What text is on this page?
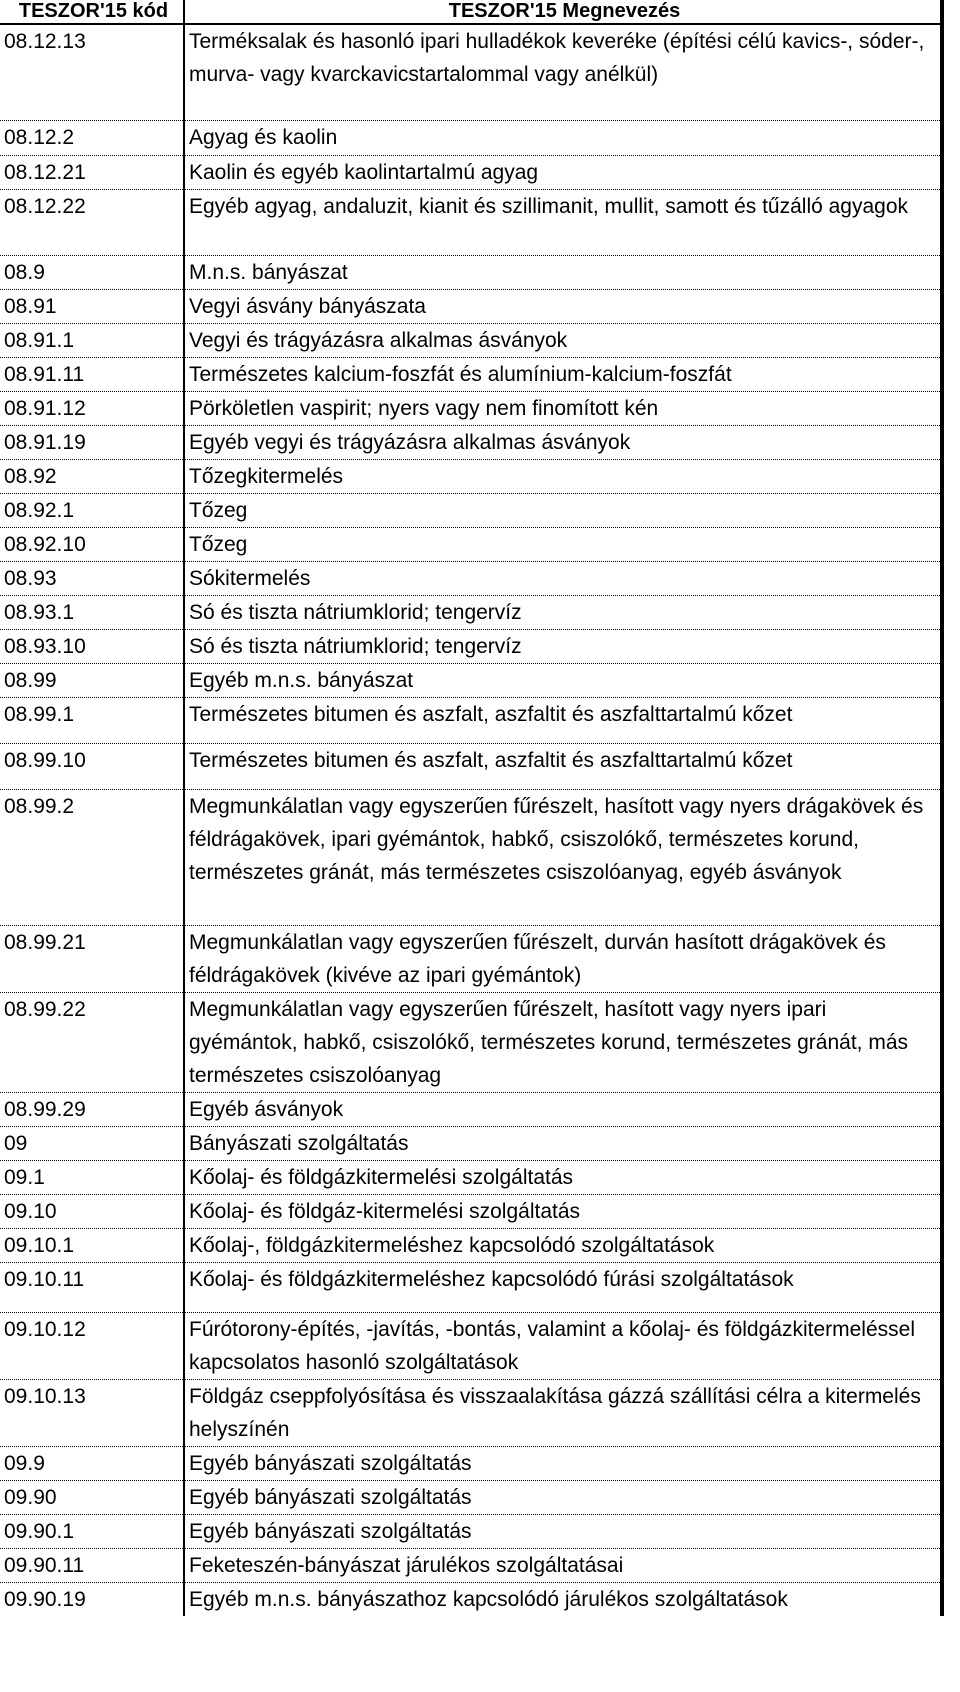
TESZOR'15 kód	TESZOR'15 Megnevezés	
08.12.13	Terméksalak és hasonló ipari hulladékok keveréke (építési célú kavics-, sóder-, murva- vagy kvarckavicstartalommal vagy anélkül)	
08.12.2	Agyag és kaolin	
08.12.21	Kaolin és egyéb kaolintartalmú agyag	
08.12.22	Egyéb agyag, andaluzit, kianit és szillimanit, mullit, samott és tűzálló agyagok	
08.9	M.n.s. bányászat	
08.91	Vegyi ásvány bányászata	
08.91.1	Vegyi és trágyázásra alkalmas ásványok	
08.91.11	Természetes kalcium-foszfát és alumínium-kalcium-foszfát	
08.91.12	Pörköletlen vaspirit; nyers vagy nem finomított kén	
08.91.19	Egyéb vegyi és trágyázásra alkalmas ásványok	
08.92	Tőzegkitermelés	
08.92.1	Tőzeg	
08.92.10	Tőzeg	
08.93	Sókitermelés	
08.93.1	Só és tiszta nátriumklorid; tengervíz	
08.93.10	Só és tiszta nátriumklorid; tengervíz	
08.99	Egyéb m.n.s. bányászat	
08.99.1	Természetes bitumen és aszfalt, aszfaltit és aszfalttartalmú kőzet	
08.99.10	Természetes bitumen és aszfalt, aszfaltit és aszfalttartalmú kőzet	
08.99.2	Megmunkálatlan vagy egyszerűen fűrészelt, hasított vagy nyers drágakövek és féldrágakövek, ipari gyémántok, habkő, csiszolókő, természetes korund, természetes gránát, más természetes csiszolóanyag, egyéb ásványok	
08.99.21	Megmunkálatlan vagy egyszerűen fűrészelt, durván hasított drágakövek és féldrágakövek (kivéve az ipari gyémántok)	
08.99.22	Megmunkálatlan vagy egyszerűen fűrészelt, hasított vagy nyers ipari gyémántok, habkő, csiszolókő, természetes korund, természetes gránát, más természetes csiszolóanyag	
08.99.29	Egyéb ásványok	
09	Bányászati szolgáltatás	
09.1	Kőolaj- és földgázkitermelési szolgáltatás	
09.10	Kőolaj- és földgáz-kitermelési szolgáltatás	
09.10.1	Kőolaj-, földgázkitermeléshez kapcsolódó szolgáltatások	
09.10.11	Kőolaj- és földgázkitermeléshez kapcsolódó fúrási szolgáltatások	
09.10.12	Fúrótorony-építés, -javítás, -bontás, valamint a kőolaj- és földgázkitermeléssel kapcsolatos hasonló szolgáltatások	
09.10.13	Földgáz cseppfolyósítása és visszaalakítása gázzá szállítási célra a kitermelés helyszínén	
09.9	Egyéb bányászati szolgáltatás	
09.90	Egyéb bányászati szolgáltatás	
09.90.1	Egyéb bányászati szolgáltatás	
09.90.11	Feketeszén-bányászat járulékos szolgáltatásai	
09.90.19	Egyéb m.n.s. bányászathoz kapcsolódó járulékos szolgáltatások	
